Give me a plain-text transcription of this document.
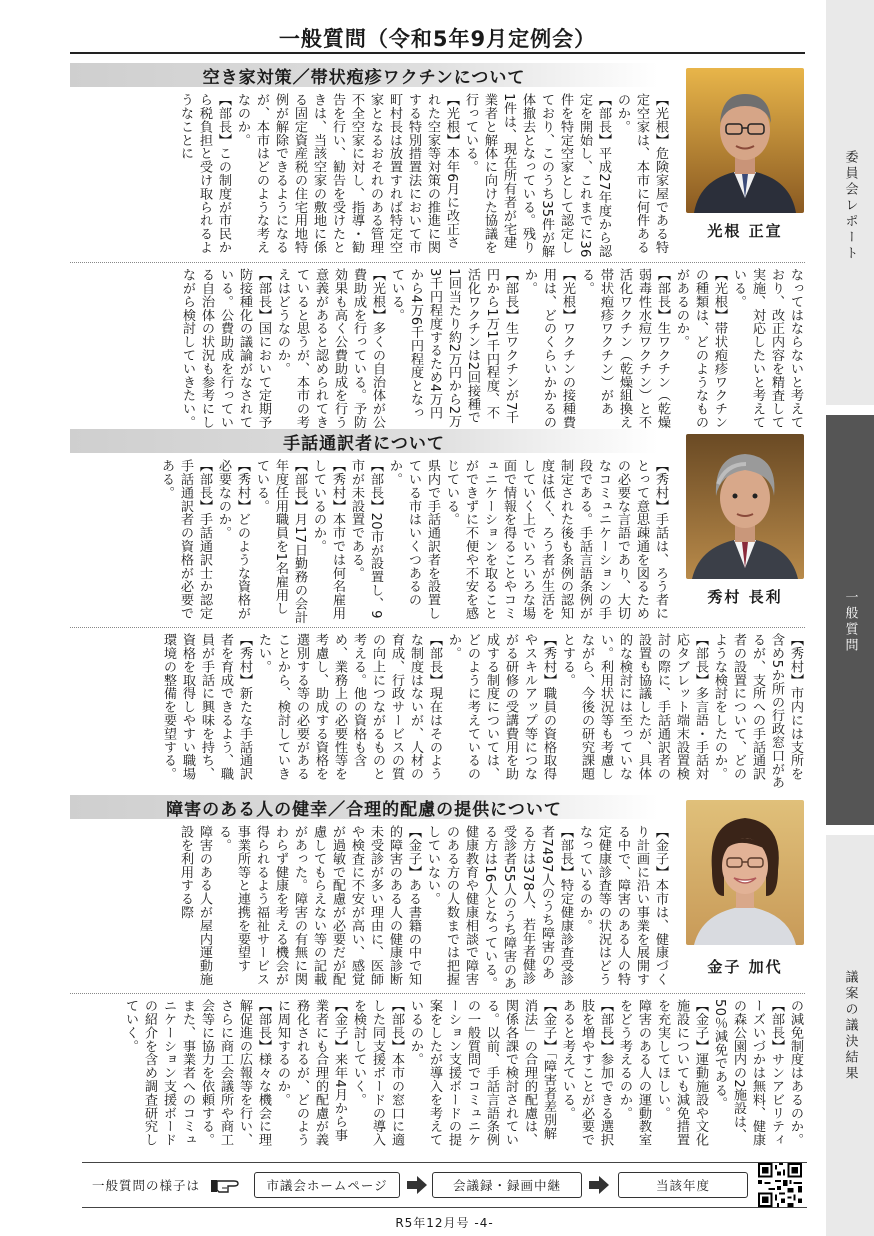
一般質問（令和5年9月定例会）
空き家対策／帯状疱疹ワクチンについて
【光根】危険家屋である特定空家は、本市に何件あるのか。
【部長】平成27年度から認定を開始し、これまでに36件を特定空家として認定しており、このうち35件が解体撤去となっている。残り1件は、現在所有者が宅建業者と解体に向けた協議を行っている。
【光根】本年6月に改正された空家等対策の推進に関する特別措置法において市町村長は放置すれば特定空家となるおそれのある管理不全空家に対し、指導・勧告を行い、勧告を受けたときは、当該空家の敷地に係る固定資産税の住宅用地特例が解除できるようになるが、本市はどのような考えなのか。
【部長】この制度が市民から税負担と受け取られるようなことに
なってはならないと考えており、改正内容を精査して実施、対応したいと考えている。
【光根】帯状疱疹ワクチンの種類は、どのようなものがあるのか。
【部長】生ワクチン（乾燥弱毒性水痘ワクチン）と不活化ワクチン（乾燥組換え帯状疱疹ワクチン）がある。
【光根】ワクチンの接種費用は、どのくらいかかるのか。
【部長】生ワクチンが7千円から1万1千円程度、不活化ワクチンは2回接種で1回当たり約2万円から2万3千円程度するため4万円から4万6千円程度となっている。
【光根】多くの自治体が公費助成を行っている。予防効果も高く公費助成を行う意義があると認められてきていると思うが、本市の考えはどうなのか。
【部長】国において定期予防接種化の議論がなされている。公費助成を行っている自治体の状況も参考にしながら検討していきたい。
光根 正宣
手話通訳者について
【秀村】手話は、ろう者にとって意思疎通を図るための必要な言語であり、大切なコミュニケーションの手段である。手話言語条例が制定された後も条例の認知度は低く、ろう者が生活をしていく上でいろいろな場面で情報を得ることやコミュニケーションを取ることができずに不便や不安を感じている。
県内で手話通訳者を設置している市はいくつあるのか。
【部長】20市が設置し、9市が未設置である。
【秀村】本市では何名雇用しているのか。
【部長】月17日勤務の会計年度任用職員を1名雇用している。
【秀村】どのような資格が必要なのか。
【部長】手話通訳士か認定手話通訳者の資格が必要である。
【秀村】市内には支所を含め5か所の行政窓口があるが、支所への手話通訳者の設置について、どのような検討をしたのか。
【部長】多言語・手話対応タブレット端末設置検討の際に、手話通訳者の設置も協議したが、具体的な検討には至っていない。利用状況等も考慮しながら、今後の研究課題とする。
【秀村】職員の資格取得やスキルアップ等につながる研修の受講費用を助成する制度については、どのように考えているのか。
【部長】現在はそのような制度はないが、人材の育成、行政サービスの質の向上につながるものと考える。他の資格も含め、業務上の必要性等を考慮し、助成する資格を選別する等の必要があることから、検討していきたい。
【秀村】新たな手話通訳者を育成できるよう、職員が手話に興味を持ち、資格を取得しやすい職場環境の整備を要望する。
秀村 長利
障害のある人の健幸／合理的配慮の提供について
【金子】本市は、健康づくり計画に沿い事業を展開する中で、障害のある人の特定健康診査等の状況はどうなっているのか。
【部長】特定健康診査受診者7497人のうち障害のある方は378人、若年者健診受診者55人のうち障害のある方は16人となっている。健康教育や健康相談で障害のある方の人数までは把握していない。
【金子】ある書籍の中で知的障害のある人の健康診断未受診が多い理由に、医師や検査に不安が高い、感覚が過敏で配慮が必要だが配慮してもらえない等の記載があった。障害の有無に関わらず健康を考える機会が得られるよう福祉サービス事業所等と連携を要望する。
障害のある人が屋内運動施設を利用する際
の減免制度はあるのか。
【部長】サンアビリティーズいづかは無料、健康の森公園内の2施設は、50％減免である。
【金子】運動施設や文化施設についても減免措置を充実してほしい。
障害のある人の運動教室をどう考えるのか。
【部長】参加できる選択肢を増やすことが必要であると考えている。
【金子】「障害者差別解消法」の合理的配慮は、関係各課で検討されている。以前、手話言語条例の一般質問でコミュニケーション支援ボードの提案をしたが導入を考えているのか。
【部長】本市の窓口に適した同支援ボードの導入を検討していく。
【金子】来年4月から事業者にも合理的配慮が義務化されるが、どのように周知するのか。
【部長】様々な機会に理解促進の広報等を行い、さらに商工会議所や商工会等に協力を依頼する。また、事業者へのコミュニケーション支援ボードの紹介を含め調査研究していく。
金子 加代
委員会レポート
一般質問
議案の議決結果
一般質問の様子は	市議会ホームページ	会議録・録画中継	当該年度
R5年12月号 -4-
